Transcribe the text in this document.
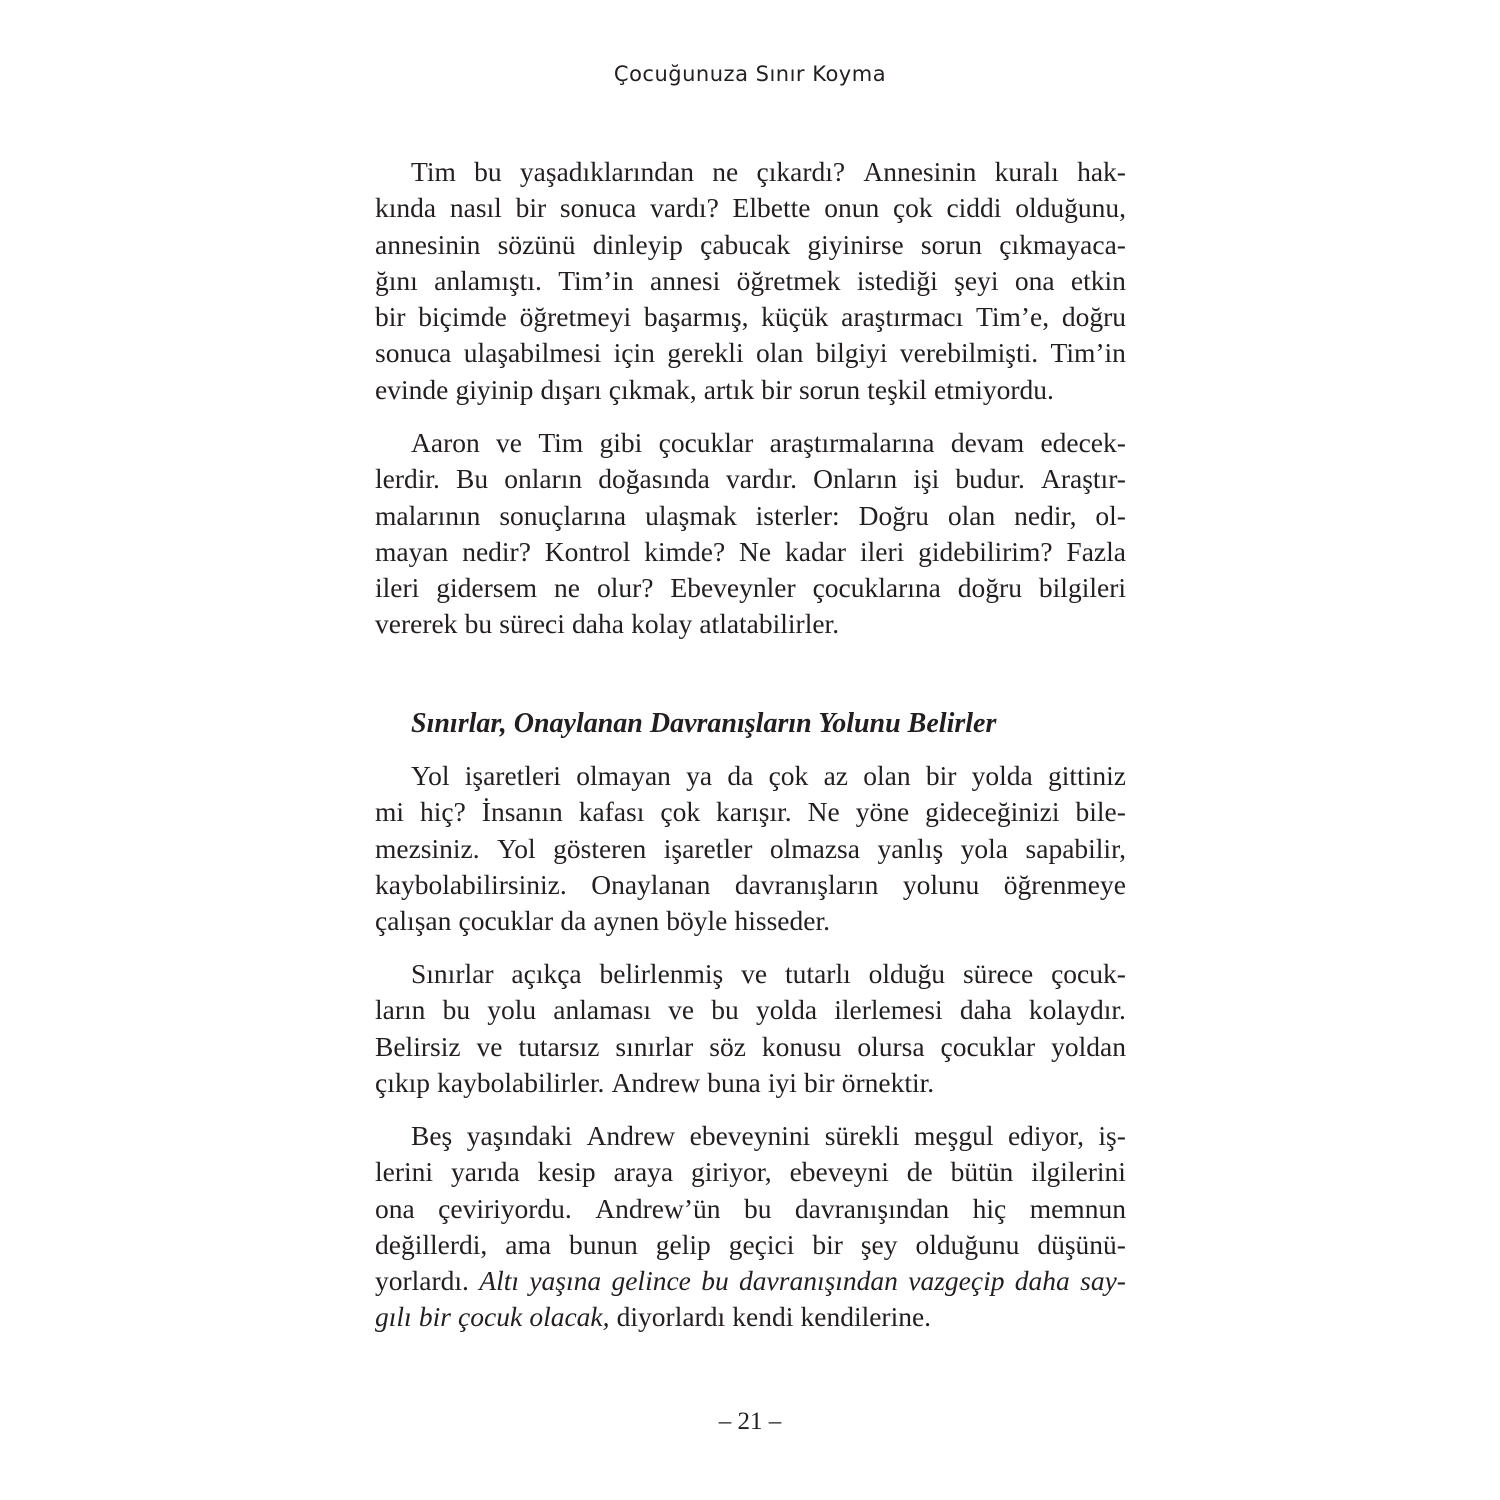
Çocuğunuza Sınır Koyma
Tim bu yaşadıklarından ne çıkardı? Annesinin kuralı hak-
kında nasıl bir sonuca vardı? Elbette onun çok ciddi olduğunu,
annesinin sözünü dinleyip çabucak giyinirse sorun çıkmayaca-
ğını anlamıştı. Tim’in annesi öğretmek istediği şeyi ona etkin
bir biçimde öğretmeyi başarmış, küçük araştırmacı Tim’e, doğru
sonuca ulaşabilmesi için gerekli olan bilgiyi verebilmişti. Tim’in
evinde giyinip dışarı çıkmak, artık bir sorun teşkil etmiyordu.
Aaron ve Tim gibi çocuklar araştırmalarına devam edecek-
lerdir. Bu onların doğasında vardır. Onların işi budur. Araştır-
malarının sonuçlarına ulaşmak isterler: Doğru olan nedir, ol-
mayan nedir? Kontrol kimde? Ne kadar ileri gidebilirim? Fazla
ileri gidersem ne olur? Ebeveynler çocuklarına doğru bilgileri
vererek bu süreci daha kolay atlatabilirler.
Sınırlar, Onaylanan Davranışların Yolunu Belirler
Yol işaretleri olmayan ya da çok az olan bir yolda gittiniz
mi hiç? İnsanın kafası çok karışır. Ne yöne gideceğinizi bile-
mezsiniz. Yol gösteren işaretler olmazsa yanlış yola sapabilir,
kaybolabilirsiniz. Onaylanan davranışların yolunu öğrenmeye
çalışan çocuklar da aynen böyle hisseder.
Sınırlar açıkça belirlenmiş ve tutarlı olduğu sürece çocuk-
ların bu yolu anlaması ve bu yolda ilerlemesi daha kolaydır.
Belirsiz ve tutarsız sınırlar söz konusu olursa çocuklar yoldan
çıkıp kaybolabilirler. Andrew buna iyi bir örnektir.
Beş yaşındaki Andrew ebeveynini sürekli meşgul ediyor, iş-
lerini yarıda kesip araya giriyor, ebeveyni de bütün ilgilerini
ona çeviriyordu. Andrew’ün bu davranışından hiç memnun
değillerdi, ama bunun gelip geçici bir şey olduğunu düşünü-
yorlardı. Altı yaşına gelince bu davranışından vazgeçip daha say-
gılı bir çocuk olacak, diyorlardı kendi kendilerine.
– 21 –
